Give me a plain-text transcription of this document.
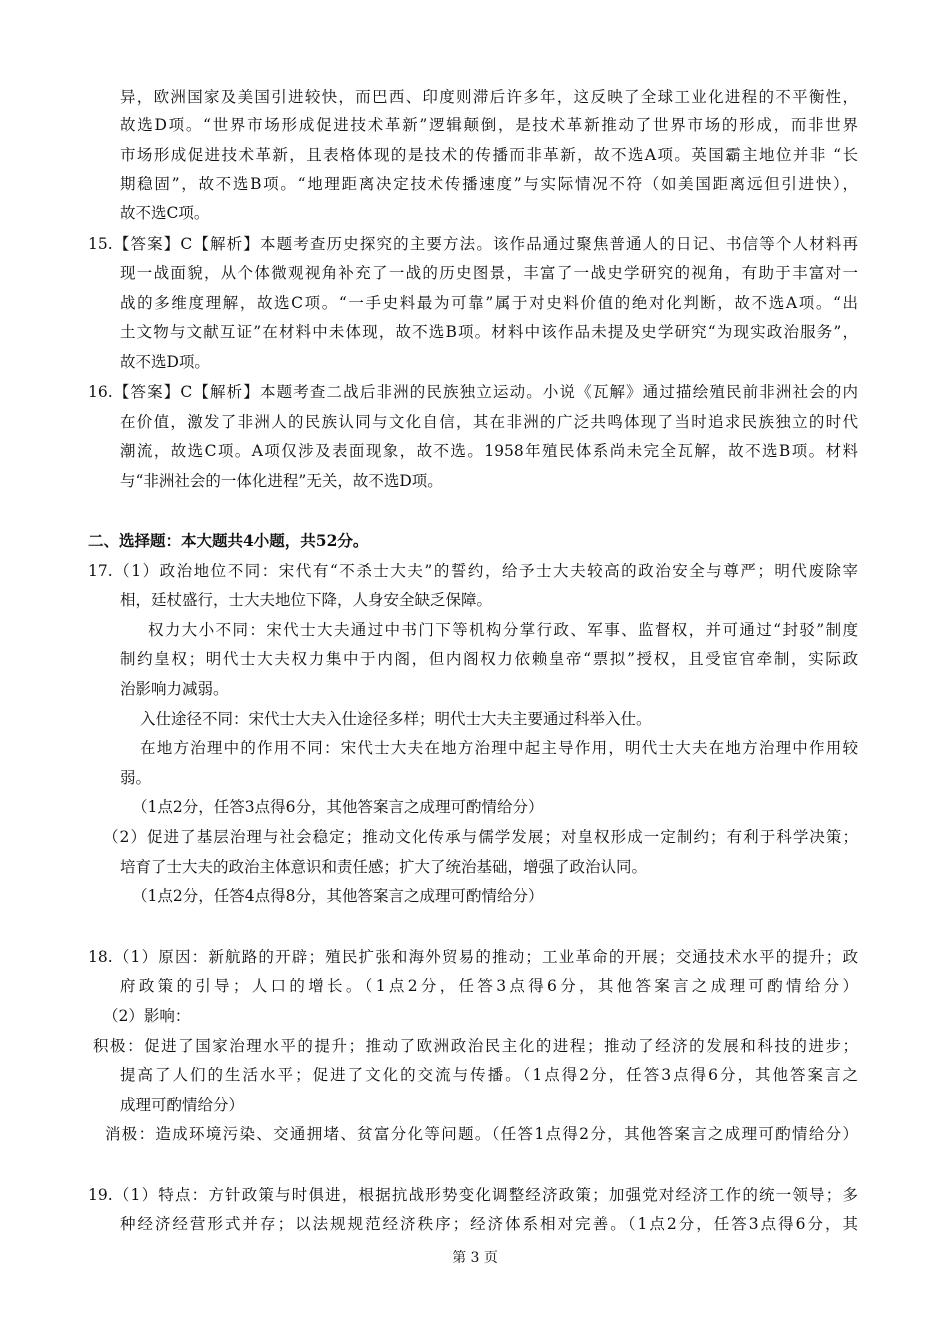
异，欧洲国家及美国引进较快，而巴西、印度则滞后许多年，这反映了全球工业化进程的不平衡性，
故选D项。“世界市场形成促进技术革新”逻辑颠倒，是技术革新推动了世界市场的形成，而非世界
市场形成促进技术革新，且表格体现的是技术的传播而非革新，故不选A项。英国霸主地位并非 “长
期稳固”，故不选B项。“地理距离决定技术传播速度”与实际情况不符（如美国距离远但引进快），
故不选C项。
15.【答案】C【解析】本题考查历史探究的主要方法。该作品通过聚焦普通人的日记、书信等个人材料再
现一战面貌，从个体微观视角补充了一战的历史图景，丰富了一战史学研究的视角，有助于丰富对一
战的多维度理解，故选C项。“一手史料最为可靠”属于对史料价值的绝对化判断，故不选A项。“出
土文物与文献互证”在材料中未体现，故不选B项。材料中该作品未提及史学研究“为现实政治服务”，
故不选D项。
16.【答案】C【解析】本题考查二战后非洲的民族独立运动。小说《瓦解》通过描绘殖民前非洲社会的内
在价值，激发了非洲人的民族认同与文化自信，其在非洲的广泛共鸣体现了当时追求民族独立的时代
潮流，故选C项。A项仅涉及表面现象，故不选。1958年殖民体系尚未完全瓦解，故不选B项。材料
与“非洲社会的一体化进程”无关，故不选D项。
二、选择题：本大题共4小题，共52分。
17.（1）政治地位不同：宋代有“不杀士大夫”的誓约，给予士大夫较高的政治安全与尊严；明代废除宰
相，廷杖盛行，士大夫地位下降，人身安全缺乏保障。
权力大小不同：宋代士大夫通过中书门下等机构分掌行政、军事、监督权，并可通过“封驳”制度
制约皇权；明代士大夫权力集中于内阁，但内阁权力依赖皇帝“票拟”授权，且受宦官牵制，实际政
治影响力减弱。
入仕途径不同：宋代士大夫入仕途径多样；明代士大夫主要通过科举入仕。
在地方治理中的作用不同：宋代士大夫在地方治理中起主导作用，明代士大夫在地方治理中作用较
弱。
（1点2分，任答3点得6分，其他答案言之成理可酌情给分）
（2）促进了基层治理与社会稳定；推动文化传承与儒学发展；对皇权形成一定制约；有利于科学决策；
培育了士大夫的政治主体意识和责任感；扩大了统治基础，增强了政治认同。
（1点2分，任答4点得8分，其他答案言之成理可酌情给分）
18.（1）原因：新航路的开辟；殖民扩张和海外贸易的推动；工业革命的开展；交通技术水平的提升；政
府政策的引导；人口的增长。（1点2分，任答3点得6分，其他答案言之成理可酌情给分）
（2）影响：
积极：促进了国家治理水平的提升；推动了欧洲政治民主化的进程；推动了经济的发展和科技的进步；
提高了人们的生活水平；促进了文化的交流与传播。（1点得2分，任答3点得6分，其他答案言之
成理可酌情给分）
消极：造成环境污染、交通拥堵、贫富分化等问题。（任答1点得2分，其他答案言之成理可酌情给分）
19.（1）特点：方针政策与时俱进，根据抗战形势变化调整经济政策；加强党对经济工作的统一领导；多
种经济经营形式并存；以法规规范经济秩序；经济体系相对完善。（1点2分，任答3点得6分，其
第 3 页
